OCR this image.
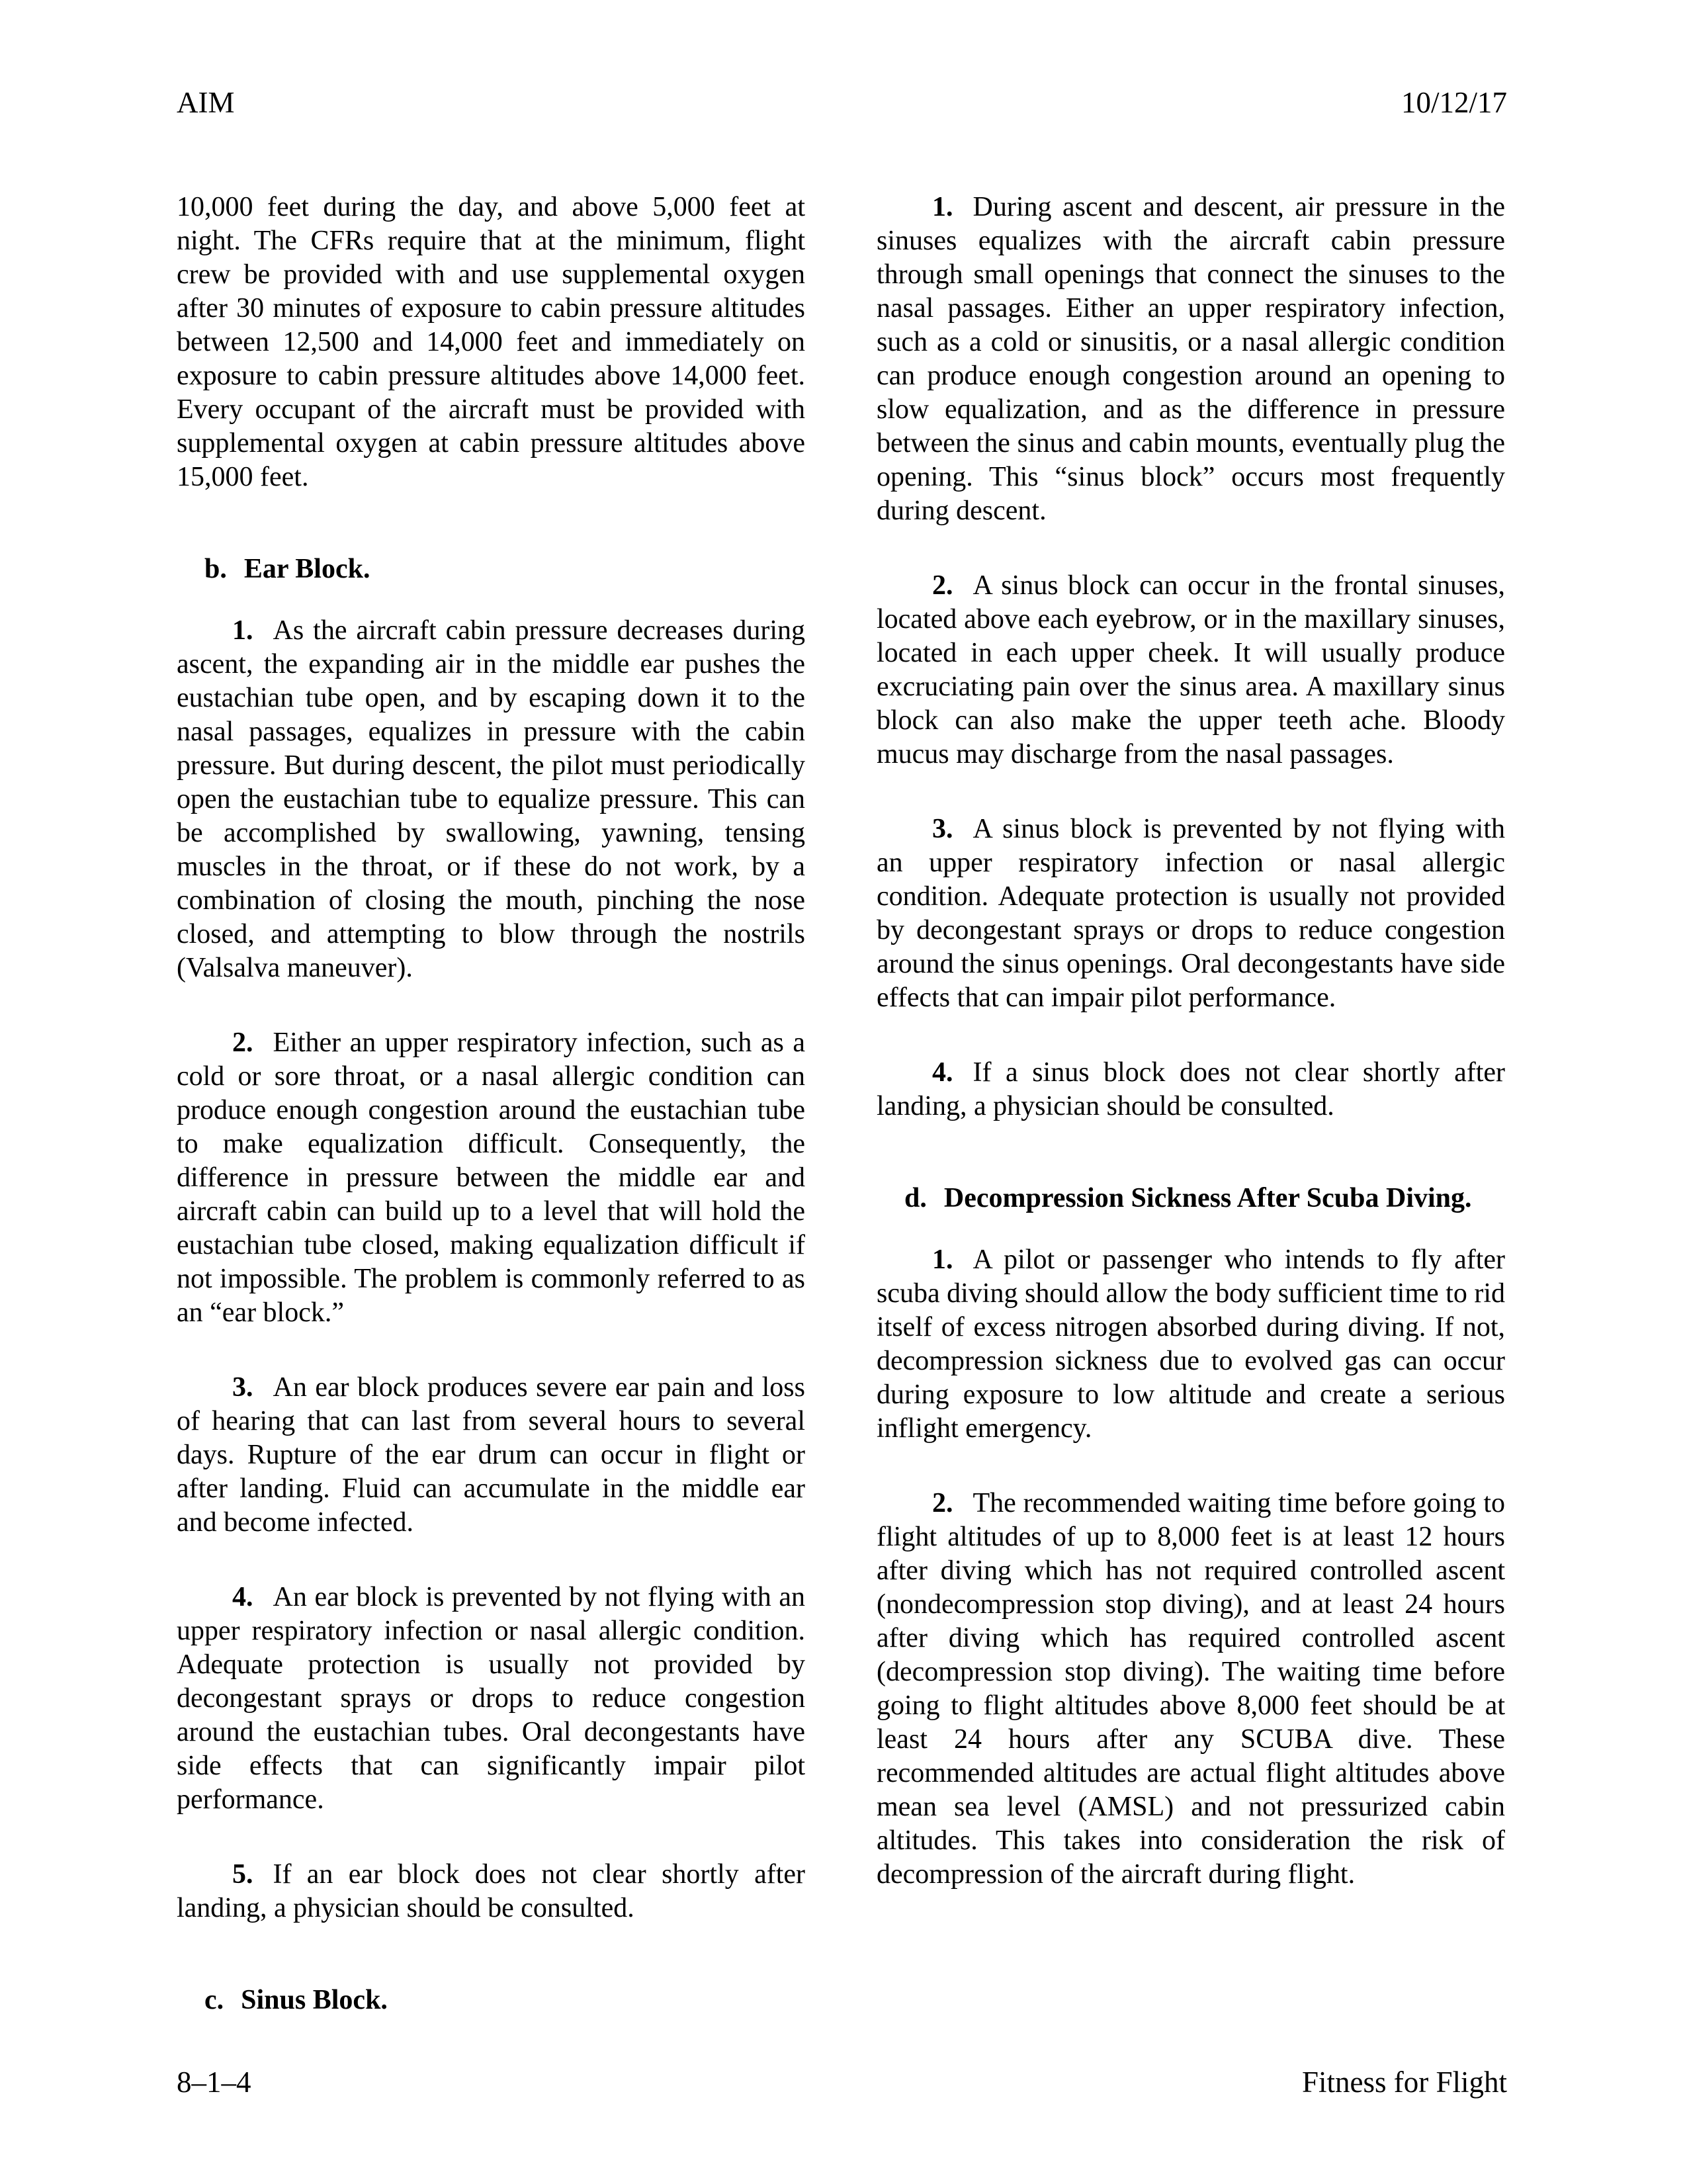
AIM	10/12/17

10,000 feet during the day, and above 5,000 feet at night. The CFRs require that at the minimum, flight crew be provided with and use supplemental oxygen after 30 minutes of exposure to cabin pressure altitudes between 12,500 and 14,000 feet and immediately on exposure to cabin pressure altitudes above 14,000 feet. Every occupant of the aircraft must be provided with supplemental oxygen at cabin pressure altitudes above 15,000 feet.

b. Ear Block.

1. As the aircraft cabin pressure decreases during ascent, the expanding air in the middle ear pushes the eustachian tube open, and by escaping down it to the nasal passages, equalizes in pressure with the cabin pressure. But during descent, the pilot must periodically open the eustachian tube to equalize pressure. This can be accomplished by swallowing, yawning, tensing muscles in the throat, or if these do not work, by a combination of closing the mouth, pinching the nose closed, and attempting to blow through the nostrils (Valsalva maneuver).

2. Either an upper respiratory infection, such as a cold or sore throat, or a nasal allergic condition can produce enough congestion around the eustachian tube to make equalization difficult. Consequently, the difference in pressure between the middle ear and aircraft cabin can build up to a level that will hold the eustachian tube closed, making equalization difficult if not impossible. The problem is commonly referred to as an “ear block.”

3. An ear block produces severe ear pain and loss of hearing that can last from several hours to several days. Rupture of the ear drum can occur in flight or after landing. Fluid can accumulate in the middle ear and become infected.

4. An ear block is prevented by not flying with an upper respiratory infection or nasal allergic condition. Adequate protection is usually not provided by decongestant sprays or drops to reduce congestion around the eustachian tubes. Oral decongestants have side effects that can significantly impair pilot performance.

5. If an ear block does not clear shortly after landing, a physician should be consulted.

c. Sinus Block.

1. During ascent and descent, air pressure in the sinuses equalizes with the aircraft cabin pressure through small openings that connect the sinuses to the nasal passages. Either an upper respiratory infection, such as a cold or sinusitis, or a nasal allergic condition can produce enough congestion around an opening to slow equalization, and as the difference in pressure between the sinus and cabin mounts, eventually plug the opening. This “sinus block” occurs most frequently during descent.

2. A sinus block can occur in the frontal sinuses, located above each eyebrow, or in the maxillary sinuses, located in each upper cheek. It will usually produce excruciating pain over the sinus area. A maxillary sinus block can also make the upper teeth ache. Bloody mucus may discharge from the nasal passages.

3. A sinus block is prevented by not flying with an upper respiratory infection or nasal allergic condition. Adequate protection is usually not provided by decongestant sprays or drops to reduce congestion around the sinus openings. Oral decongestants have side effects that can impair pilot performance.

4. If a sinus block does not clear shortly after landing, a physician should be consulted.

d. Decompression Sickness After Scuba Diving.

1. A pilot or passenger who intends to fly after scuba diving should allow the body sufficient time to rid itself of excess nitrogen absorbed during diving. If not, decompression sickness due to evolved gas can occur during exposure to low altitude and create a serious inflight emergency.

2. The recommended waiting time before going to flight altitudes of up to 8,000 feet is at least 12 hours after diving which has not required controlled ascent (nondecompression stop diving), and at least 24 hours after diving which has required controlled ascent (decompression stop diving). The waiting time before going to flight altitudes above 8,000 feet should be at least 24 hours after any SCUBA dive. These recommended altitudes are actual flight altitudes above mean sea level (AMSL) and not pressurized cabin altitudes. This takes into consideration the risk of decompression of the aircraft during flight.

8–1–4	Fitness for Flight
